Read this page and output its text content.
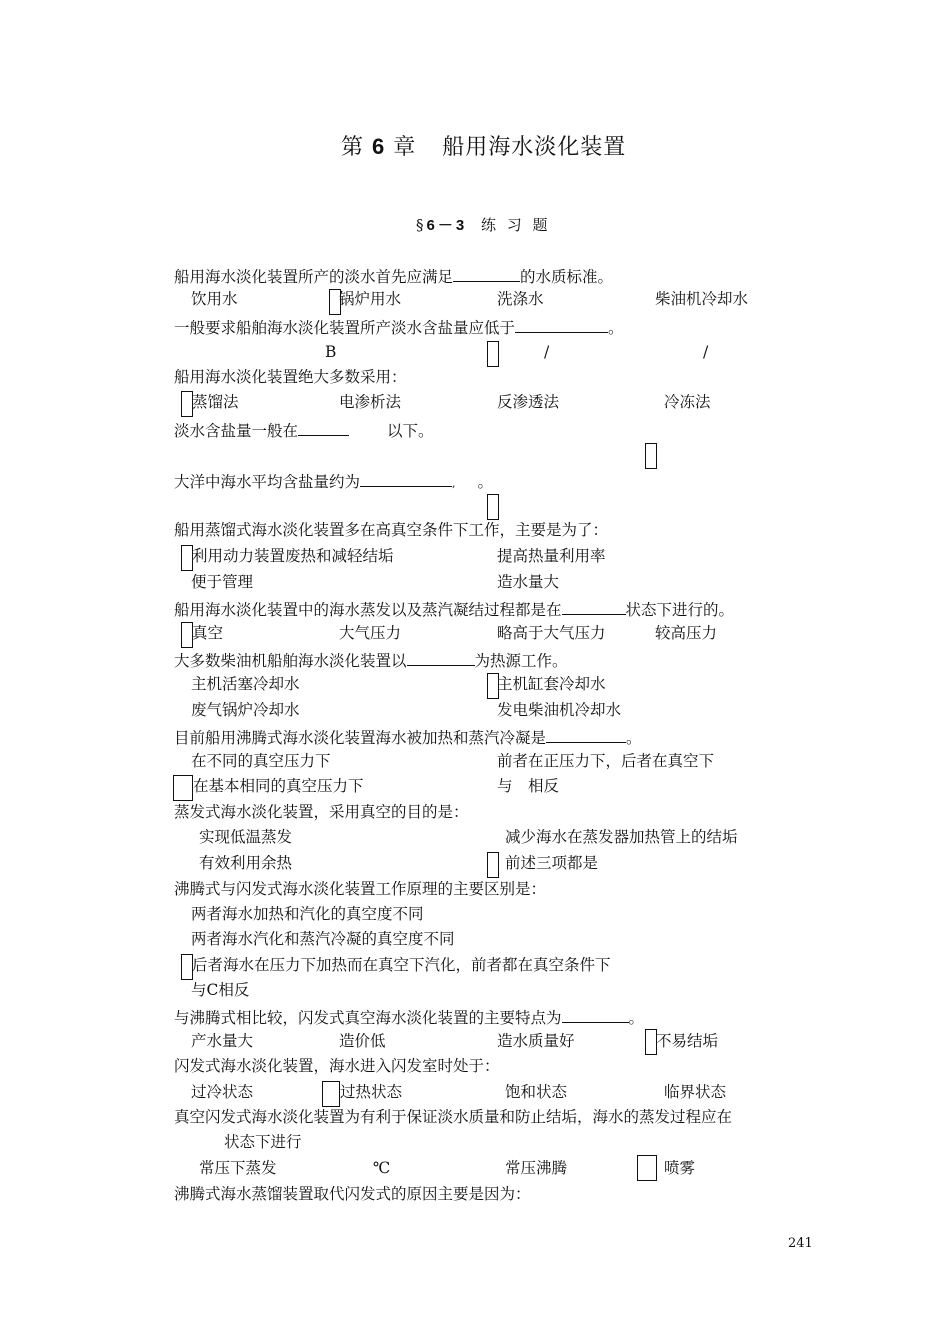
第 6 章 船用海水淡化装置
§6－3 练 习 题
船用海水淡化装置所产的淡水首先应满足	的水质标准。
饮用水	锅炉用水	洗涤水	柴油机冷却水
一般要求船舶海水淡化装置所产淡水含盐量应低于	。
B	/	/
船用海水淡化装置绝大多数采用：
蒸馏法	电渗析法	反渗透法	冷冻法
淡水含盐量一般在	以下。
大洋中海水平均含盐量约为	, 。
船用蒸馏式海水淡化装置多在高真空条件下工作，主要是为了：
利用动力装置废热和减轻结垢	提高热量利用率
便于管理	造水量大
船用海水淡化装置中的海水蒸发以及蒸汽凝结过程都是在	状态下进行的。
真空	大气压力	略高于大气压力	较高压力
大多数柴油机船舶海水淡化装置以	为热源工作。
主机活塞冷却水	主机缸套冷却水
废气锅炉冷却水	发电柴油机冷却水
目前船用沸腾式海水淡化装置海水被加热和蒸汽冷凝是	。
在不同的真空压力下	前者在正压力下，后者在真空下
在基本相同的真空压力下	与　相反
蒸发式海水淡化装置，采用真空的目的是：
实现低温蒸发	减少海水在蒸发器加热管上的结垢
有效利用余热	前述三项都是
沸腾式与闪发式海水淡化装置工作原理的主要区别是：
两者海水加热和汽化的真空度不同
两者海水汽化和蒸汽冷凝的真空度不同
后者海水在压力下加热而在真空下汽化，前者都在真空条件下
与C相反
与沸腾式相比较，闪发式真空海水淡化装置的主要特点为	。
产水量大	造价低	造水质量好	不易结垢
闪发式海水淡化装置，海水进入闪发室时处于：
过冷状态	过热状态	饱和状态	临界状态
真空闪发式海水淡化装置为有利于保证淡水质量和防止结垢，海水的蒸发过程应在
状态下进行
常压下蒸发	℃	常压沸腾	喷雾
沸腾式海水蒸馏装置取代闪发式的原因主要是因为：
241
